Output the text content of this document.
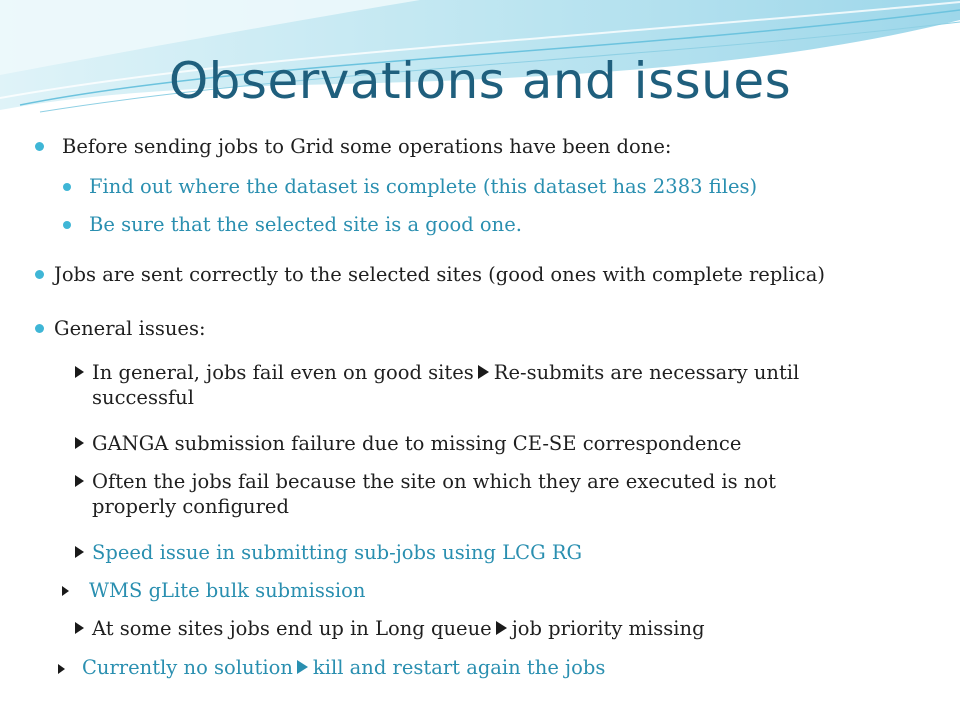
Observations and issues
Before sending jobs to Grid some operations have been done:
Find out where the dataset is complete (this dataset has 2383 files)
Be sure that the selected site is a good one.
Jobs are sent correctly to the selected sites (good ones with complete replica)
General issues:
In general, jobs fail even on good sites Re-submits are necessary until
successful
GANGA submission failure due to missing CE-SE correspondence
Often the jobs fail because the site on which they are executed is not
properly configured
Speed issue in submitting sub-jobs using LCG RG
WMS gLite bulk submission
At some sites jobs end up in Long queue job priority missing
Currently no solution kill and restart again the jobs
